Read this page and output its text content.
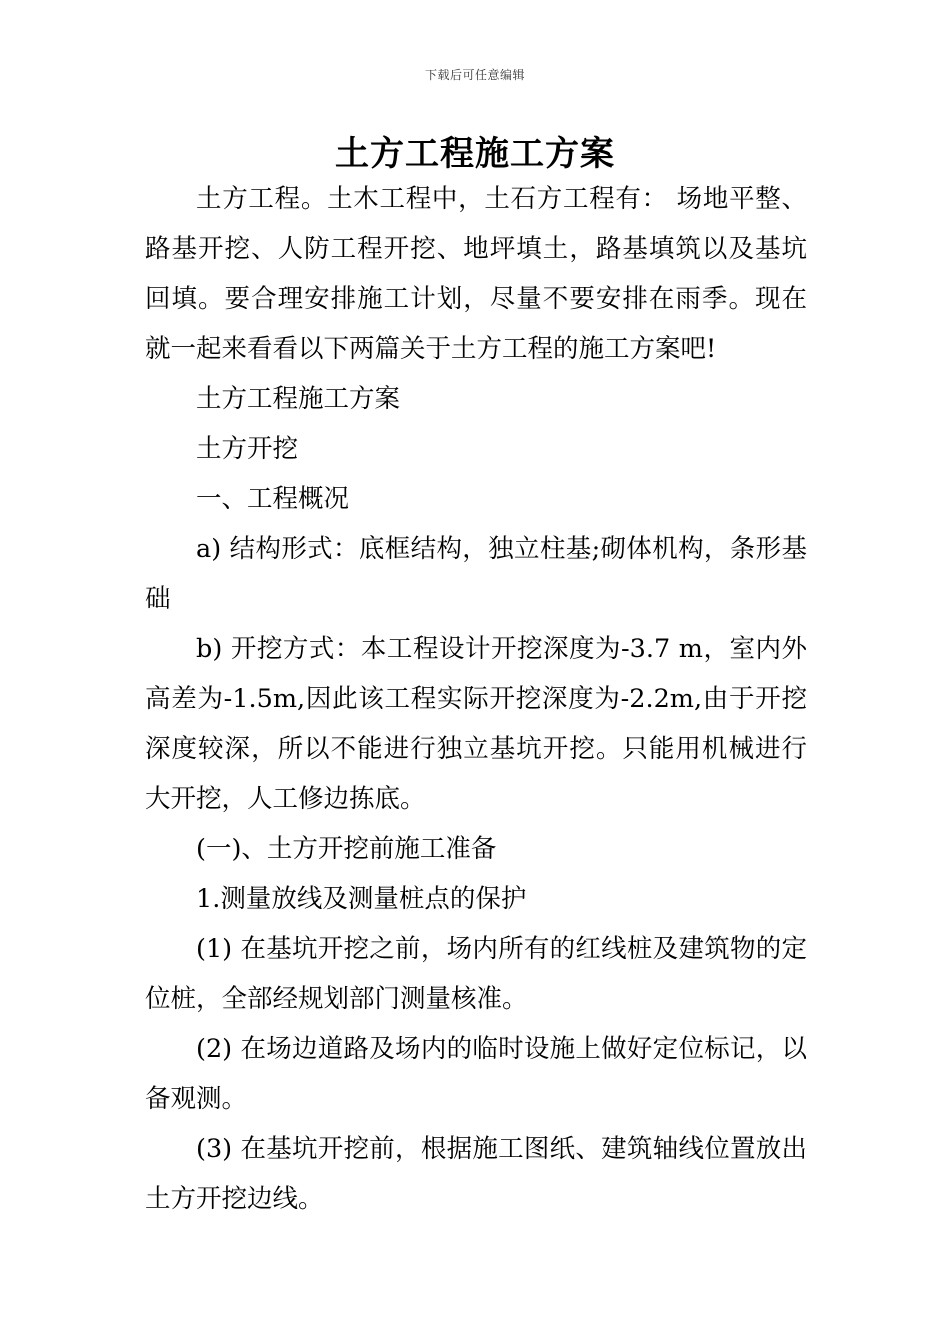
下载后可任意编辑
土方工程施工方案

土方工程。土木工程中，土石方工程有： 场地平整、路基开挖、人防工程开挖、地坪填土，路基填筑以及基坑回填。要合理安排施工计划，尽量不要安排在雨季。现在就一起来看看以下两篇关于土方工程的施工方案吧!

土方工程施工方案

土方开挖

一、工程概况

a) 结构形式：底框结构，独立柱基;砌体机构，条形基础

b) 开挖方式：本工程设计开挖深度为-3.7 m，室内外高差为-1.5m,因此该工程实际开挖深度为-2.2m,由于开挖深度较深，所以不能进行独立基坑开挖。只能用机械进行大开挖，人工修边拣底。

(一)、土方开挖前施工准备

1.测量放线及测量桩点的保护

(1) 在基坑开挖之前，场内所有的红线桩及建筑物的定位桩，全部经规划部门测量核准。

(2) 在场边道路及场内的临时设施上做好定位标记，以备观测。

(3) 在基坑开挖前，根据施工图纸、建筑轴线位置放出土方开挖边线。
